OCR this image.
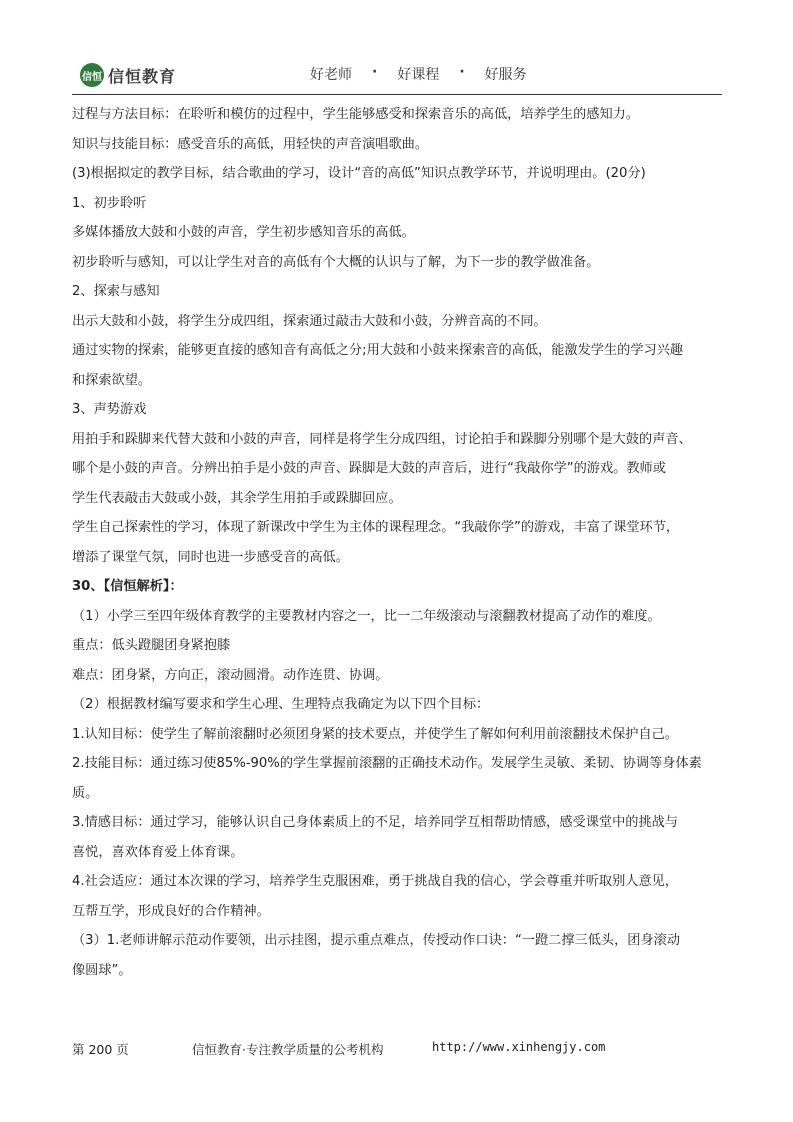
信恒 信恒教育	好老师 · 好课程 · 好服务
过程与方法目标：在聆听和模仿的过程中，学生能够感受和探索音乐的高低，培养学生的感知力。
知识与技能目标：感受音乐的高低，用轻快的声音演唱歌曲。
(3)根据拟定的教学目标，结合歌曲的学习，设计“音的高低”知识点教学环节，并说明理由。(20分)
1、初步聆听
多媒体播放大鼓和小鼓的声音，学生初步感知音乐的高低。
初步聆听与感知，可以让学生对音的高低有个大概的认识与了解，为下一步的教学做准备。
2、探索与感知
出示大鼓和小鼓，将学生分成四组，探索通过敲击大鼓和小鼓，分辨音高的不同。
通过实物的探索，能够更直接的感知音有高低之分;用大鼓和小鼓来探索音的高低，能激发学生的学习兴趣
和探索欲望。
3、声势游戏
用拍手和跺脚来代替大鼓和小鼓的声音，同样是将学生分成四组，讨论拍手和跺脚分别哪个是大鼓的声音、
哪个是小鼓的声音。分辨出拍手是小鼓的声音、跺脚是大鼓的声音后，进行“我敲你学”的游戏。教师或
学生代表敲击大鼓或小鼓，其余学生用拍手或跺脚回应。
学生自己探索性的学习，体现了新课改中学生为主体的课程理念。“我敲你学”的游戏，丰富了课堂环节，
增添了课堂气氛，同时也进一步感受音的高低。
30、【信恒解析】：
（1）小学三至四年级体育教学的主要教材内容之一，比一二年级滚动与滚翻教材提高了动作的难度。
重点：低头蹬腿团身紧抱膝
难点：团身紧，方向正，滚动圆滑。动作连贯、协调。
（2）根据教材编写要求和学生心理、生理特点我确定为以下四个目标：
1.认知目标：使学生了解前滚翻时必须团身紧的技术要点，并使学生了解如何利用前滚翻技术保护自己。
2.技能目标：通过练习使85%-90%的学生掌握前滚翻的正确技术动作。发展学生灵敏、柔韧、协调等身体素
质。
3.情感目标：通过学习，能够认识自己身体素质上的不足，培养同学互相帮助情感，感受课堂中的挑战与
喜悦，喜欢体育爱上体育课。
4.社会适应：通过本次课的学习，培养学生克服困难，勇于挑战自我的信心，学会尊重并听取别人意见，
互帮互学，形成良好的合作精神。
（3）1.老师讲解示范动作要领，出示挂图，提示重点难点，传授动作口诀：“一蹬二撑三低头，团身滚动
像圆球”。
第 200 页	信恒教育·专注教学质量的公考机构	http://www.xinhengjy.com
